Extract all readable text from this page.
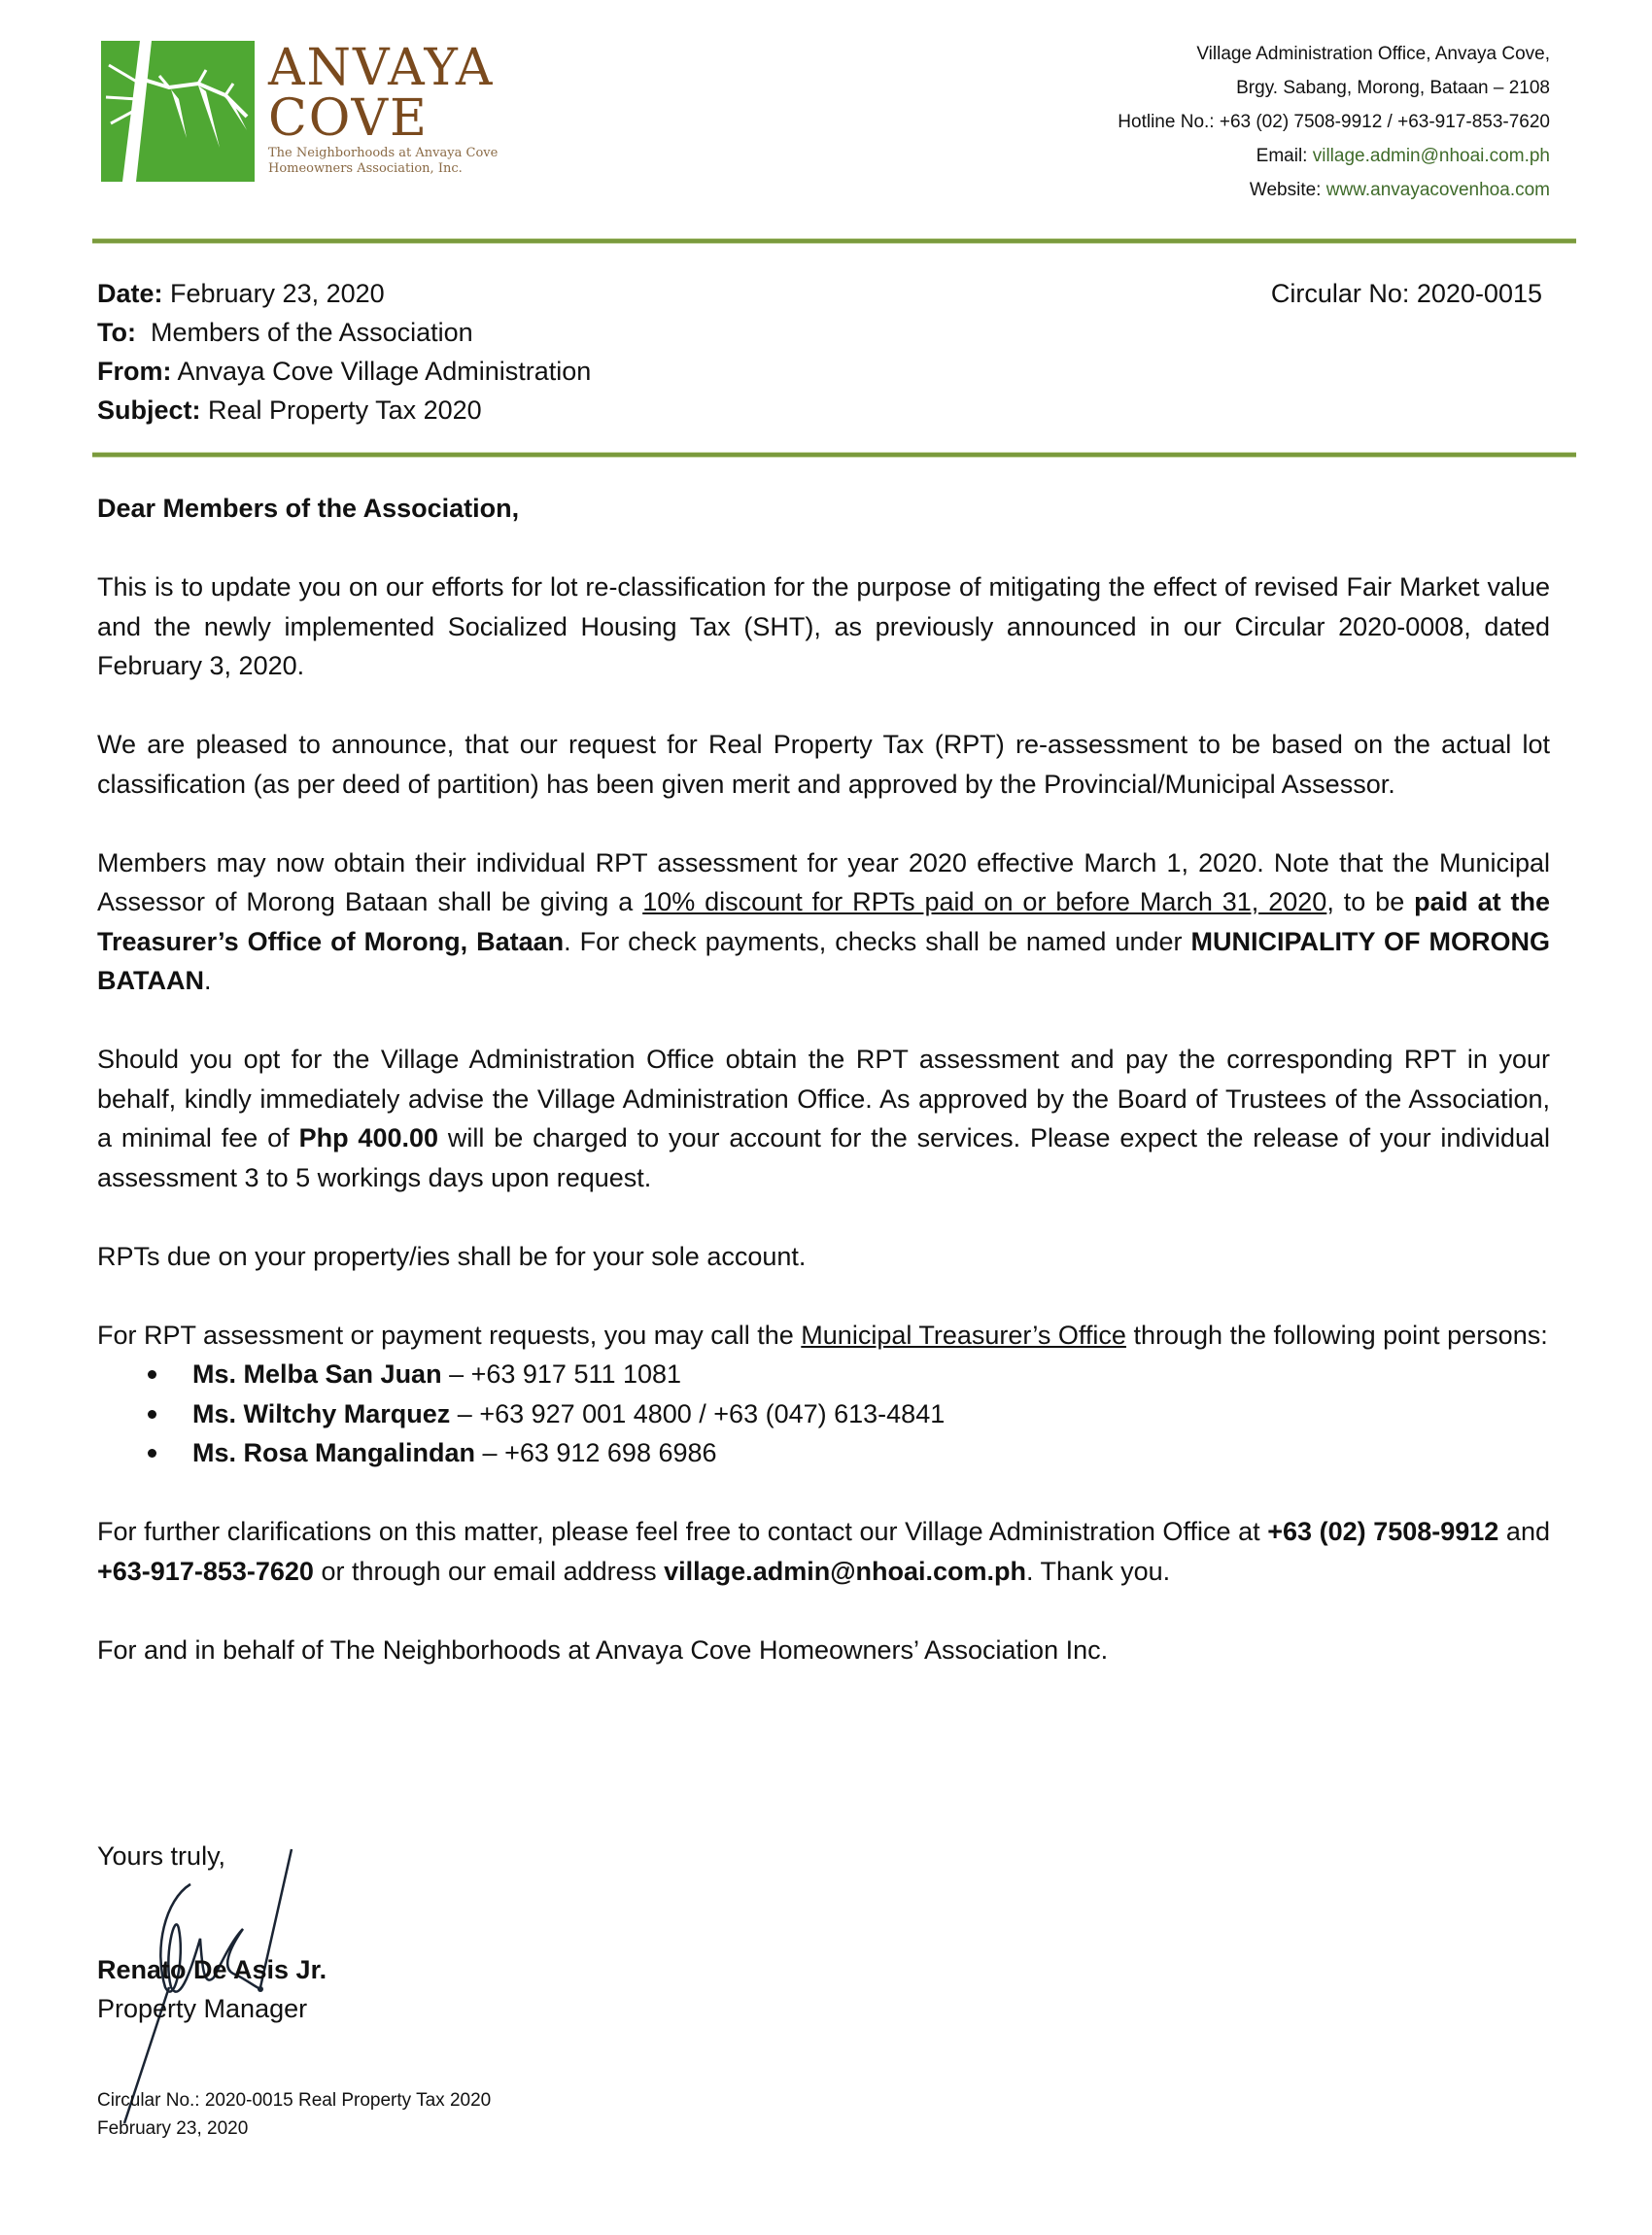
ANVAYA
COVE
The Neighborhoods at Anvaya Cove
Homeowners Association, Inc.
Village Administration Office, Anvaya Cove,
Brgy. Sabang, Morong, Bataan – 2108
Hotline No.: +63 (02) 7508-9912 / +63-917-853-7620
Email: village.admin@nhoai.com.ph
Website: www.anvayacovenhoa.com
Date: February 23, 2020
To:  Members of the Association
From: Anvaya Cove Village Administration
Subject: Real Property Tax 2020
Circular No: 2020-0015

Dear Members of the Association,

This is to update you on our efforts for lot re-classification for the purpose of mitigating the effect of revised Fair Market value and the newly implemented Socialized Housing Tax (SHT), as previously announced in our Circular 2020-0008, dated February 3, 2020.

We are pleased to announce, that our request for Real Property Tax (RPT) re-assessment to be based on the actual lot classification (as per deed of partition) has been given merit and approved by the Provincial/Municipal Assessor.

Members may now obtain their individual RPT assessment for year 2020 effective March 1, 2020. Note that the Municipal Assessor of Morong Bataan shall be giving a 10% discount for RPTs paid on or before March 31, 2020, to be paid at the Treasurer’s Office of Morong, Bataan. For check payments, checks shall be named under MUNICIPALITY OF MORONG BATAAN.

Should you opt for the Village Administration Office obtain the RPT assessment and pay the corresponding RPT in your behalf, kindly immediately advise the Village Administration Office. As approved by the Board of Trustees of the Association, a minimal fee of Php 400.00 will be charged to your account for the services. Please expect the release of your individual assessment 3 to 5 workings days upon request.

RPTs due on your property/ies shall be for your sole account.

For RPT assessment or payment requests, you may call the Municipal Treasurer’s Office through the following point persons:

Ms. Melba San Juan – +63 917 511 1081
Ms. Wiltchy Marquez – +63 927 001 4800 / +63 (047) 613-4841
Ms. Rosa Mangalindan – +63 912 698 6986

For further clarifications on this matter, please feel free to contact our Village Administration Office at +63 (02) 7508-9912 and +63-917-853-7620 or through our email address village.admin@nhoai.com.ph. Thank you.

For and in behalf of The Neighborhoods at Anvaya Cove Homeowners’ Association Inc.

Yours truly,
Renato De Asis Jr.
Property Manager
Circular No.: 2020-0015 Real Property Tax 2020
February 23, 2020
